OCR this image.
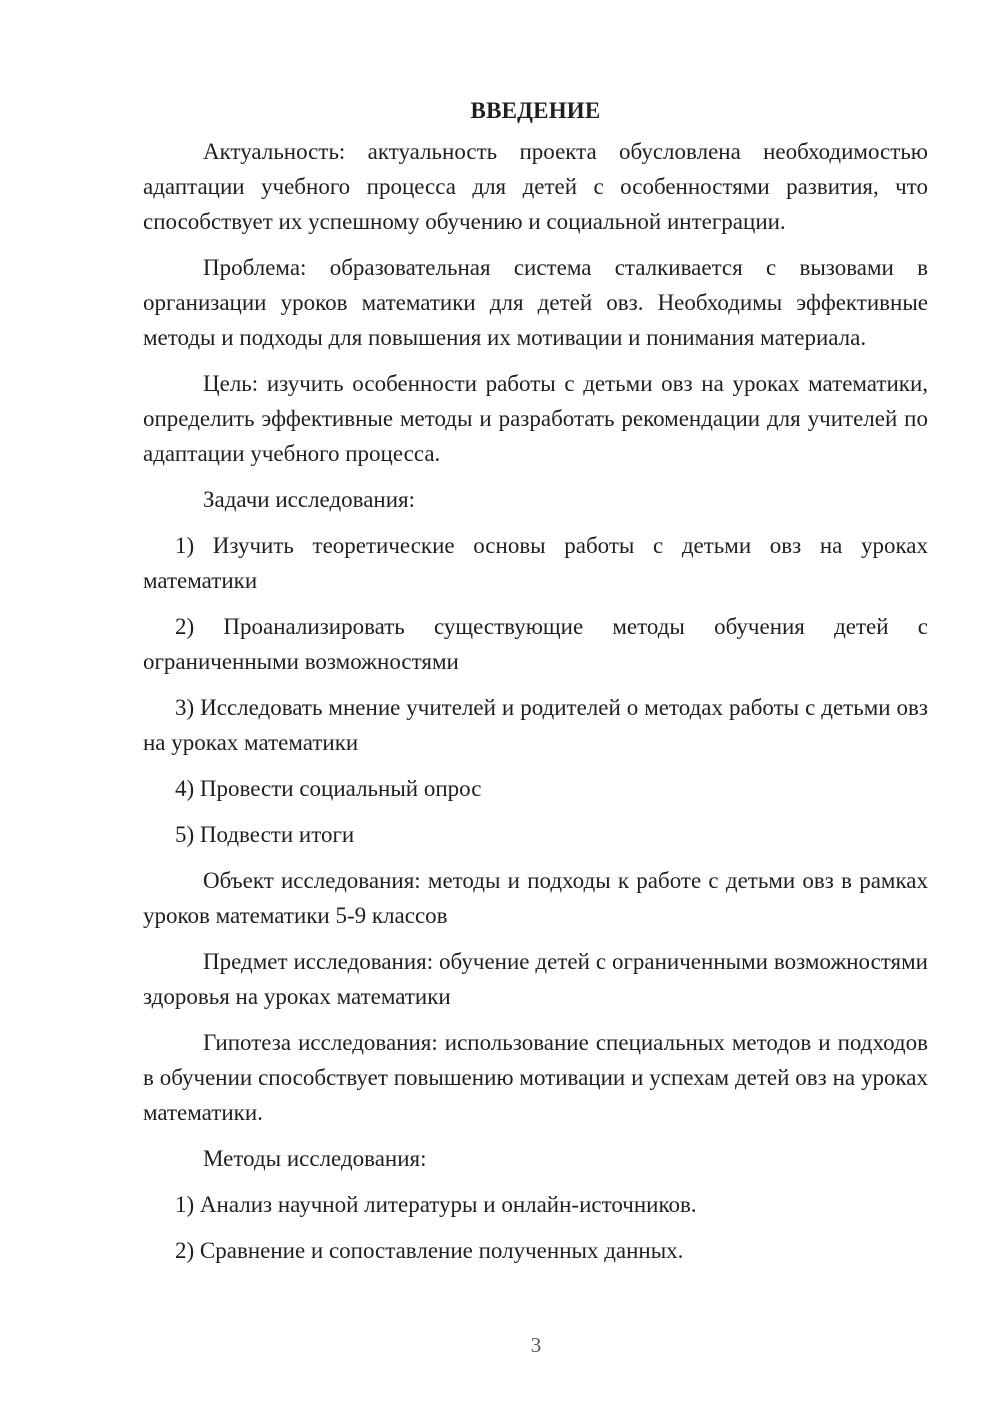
ВВЕДЕНИЕ

Актуальность: актуальность проекта обусловлена необходимостью адаптации учебного процесса для детей с особенностями развития, что способствует их успешному обучению и социальной интеграции.

Проблема: образовательная система сталкивается с вызовами в организации уроков математики для детей овз. Необходимы эффективные методы и подходы для повышения их мотивации и понимания материала.

Цель: изучить особенности работы с детьми овз на уроках математики, определить эффективные методы и разработать рекомендации для учителей по адаптации учебного процесса.

Задачи исследования:

1) Изучить теоретические основы работы с детьми овз на уроках математики

2) Проанализировать существующие методы обучения детей с ограниченными возможностями

3) Исследовать мнение учителей и родителей о методах работы с детьми овз на уроках математики

4) Провести социальный опрос

5) Подвести итоги

Объект исследования: методы и подходы к работе с детьми овз в рамках уроков математики 5-9 классов

Предмет исследования: обучение детей с ограниченными возможностями здоровья на уроках математики

Гипотеза исследования: использование специальных методов и подходов в обучении способствует повышению мотивации и успехам детей овз на уроках математики.

Методы исследования:

1) Анализ научной литературы и онлайн-источников.

2) Сравнение и сопоставление полученных данных.

3
